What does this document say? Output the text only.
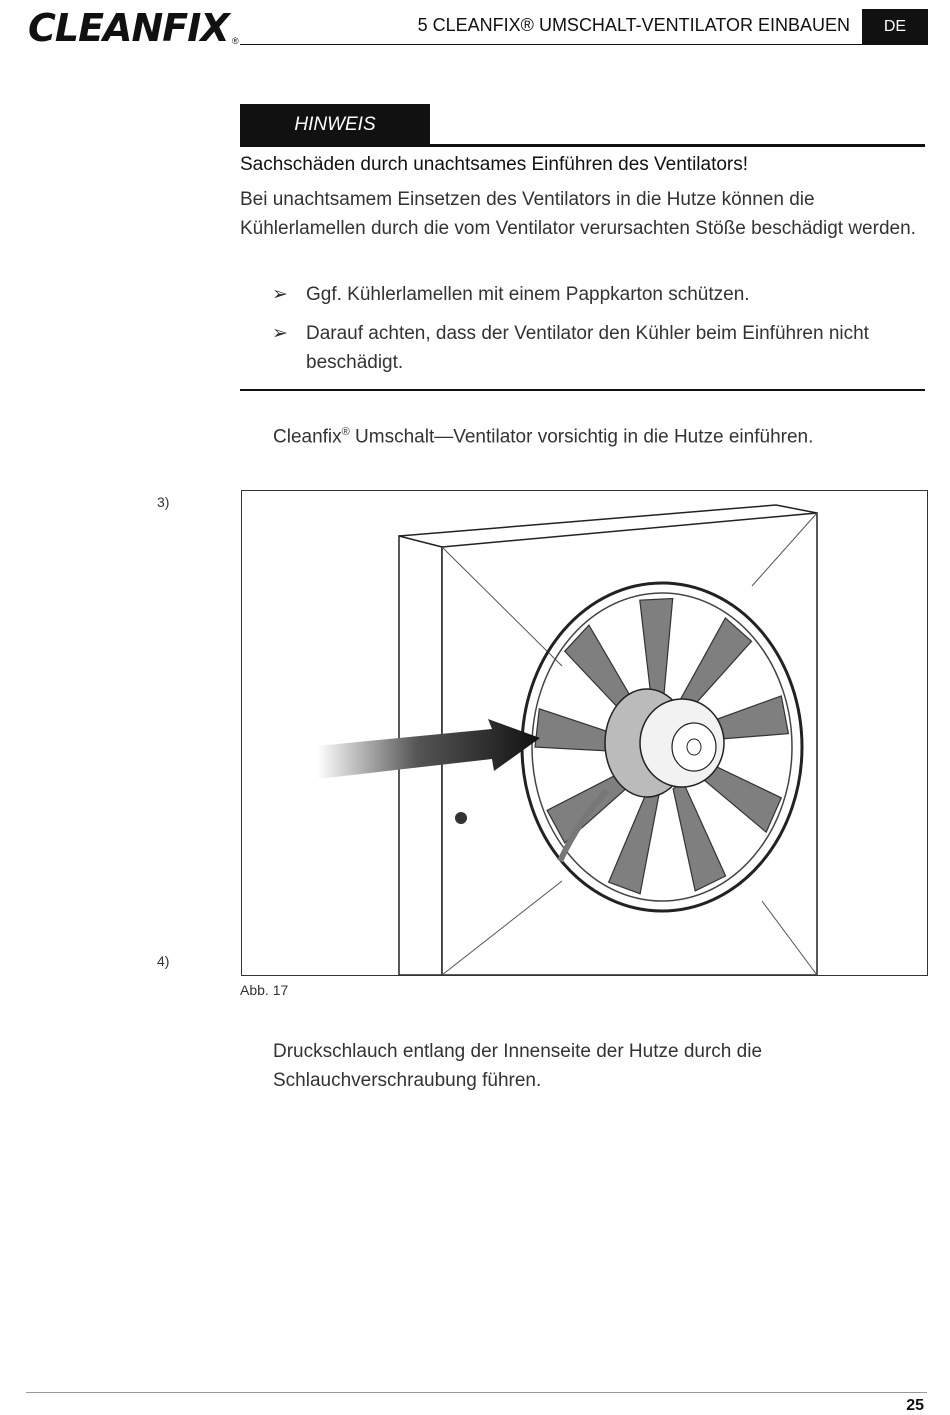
CLEANFIX ®
5 CLEANFIX® UMSCHALT-VENTILATOR EINBAUEN	DE
HINWEIS
Sachschäden durch unachtsames Einführen des Ventilators!
Bei unachtsamem Einsetzen des Ventilators in die Hutze können die Kühlerlamellen durch die vom Ventilator verursachten Stöße beschädigt werden.
➢ Ggf. Kühlerlamellen mit einem Pappkarton schützen.
➢ Darauf achten, dass der Ventilator den Kühler beim Einführen nicht beschädigt.
Cleanfix® Umschalt—Ventilator vorsichtig in die Hutze einführen.
3)
Abb. 17
4)
Druckschlauch entlang der Innenseite der Hutze durch die Schlauchverschraubung führen.
25
